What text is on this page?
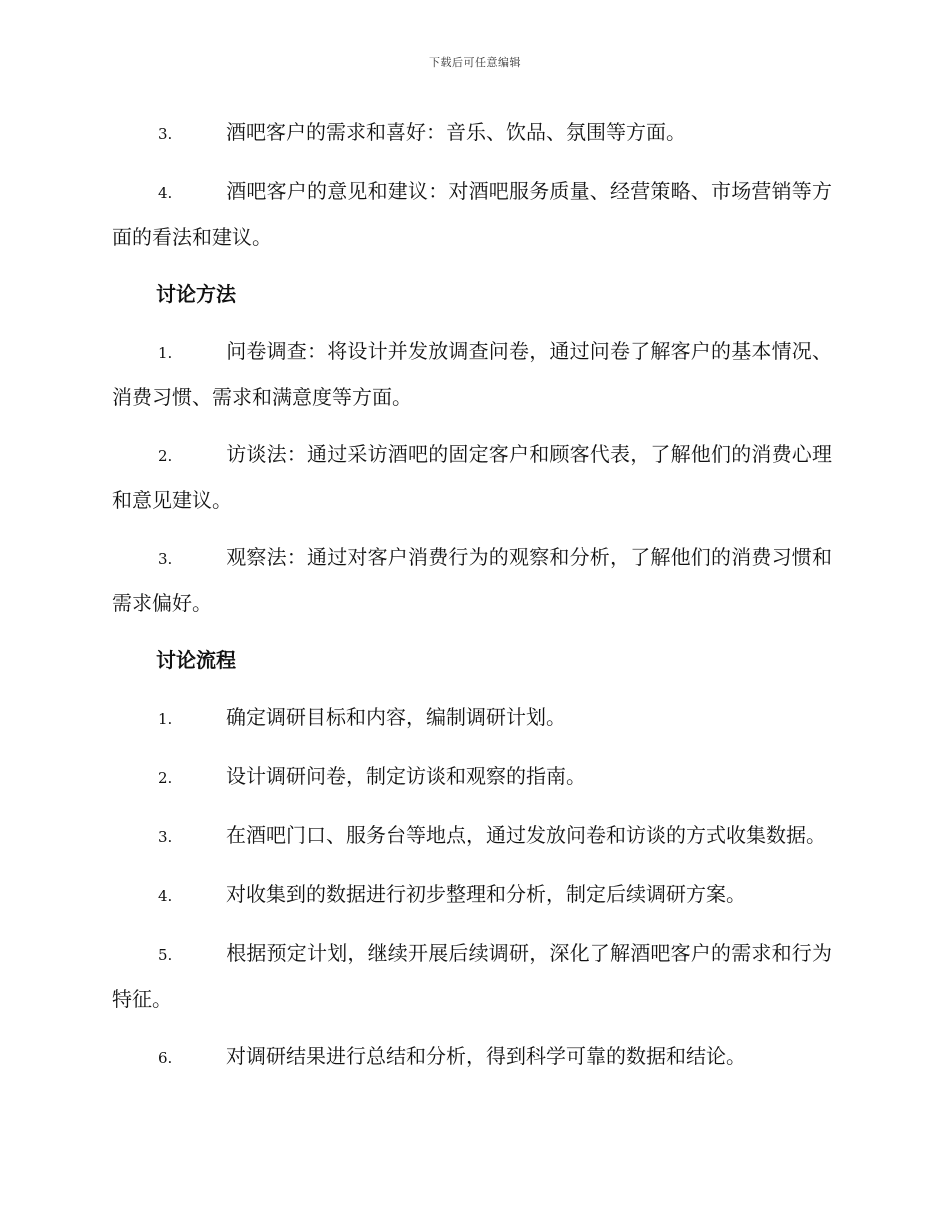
下载后可任意编辑
3.	酒吧客户的需求和喜好：音乐、饮品、氛围等方面。
4.	酒吧客户的意见和建议：对酒吧服务质量、经营策略、市场营销等方面的看法和建议。
讨论方法
1.	问卷调查：将设计并发放调查问卷，通过问卷了解客户的基本情况、消费习惯、需求和满意度等方面。
2.	访谈法：通过采访酒吧的固定客户和顾客代表，了解他们的消费心理和意见建议。
3.	观察法：通过对客户消费行为的观察和分析，了解他们的消费习惯和需求偏好。
讨论流程
1.	确定调研目标和内容，编制调研计划。
2.	设计调研问卷，制定访谈和观察的指南。
3.	在酒吧门口、服务台等地点，通过发放问卷和访谈的方式收集数据。
4.	对收集到的数据进行初步整理和分析，制定后续调研方案。
5.	根据预定计划，继续开展后续调研，深化了解酒吧客户的需求和行为特征。
6.	对调研结果进行总结和分析，得到科学可靠的数据和结论。
